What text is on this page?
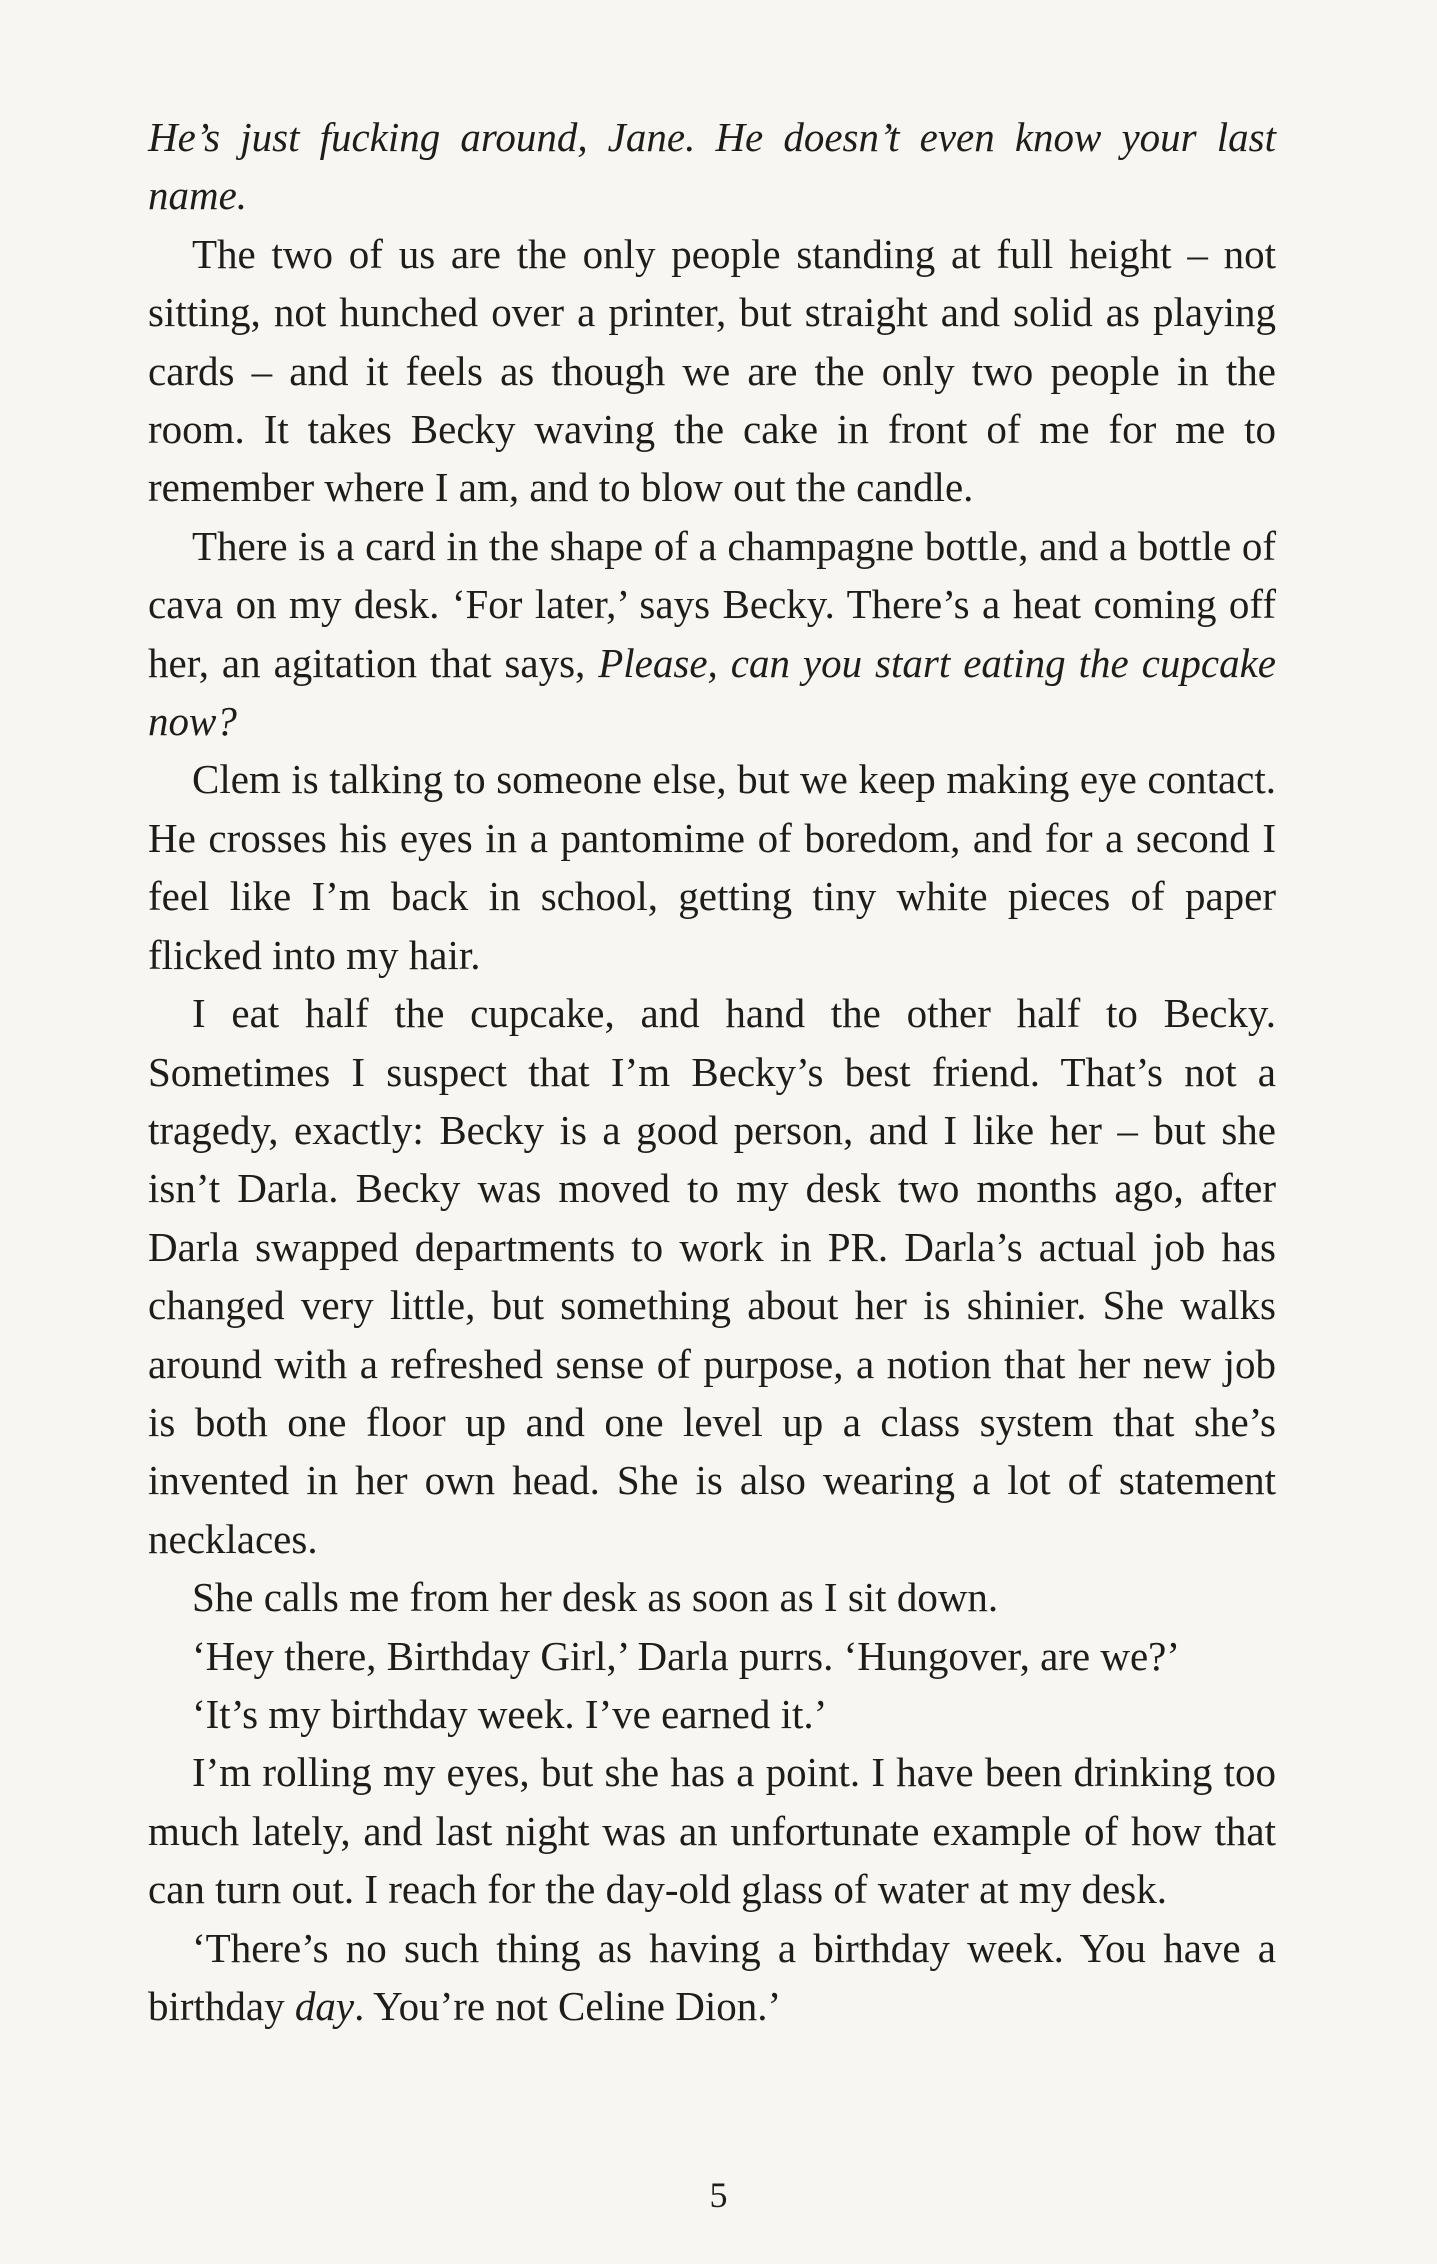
He’s just fucking around, Jane. He doesn’t even know your last name.

The two of us are the only people standing at full height – not sitting, not hunched over a printer, but straight and solid as playing cards – and it feels as though we are the only two people in the room. It takes Becky waving the cake in front of me for me to remember where I am, and to blow out the candle.

There is a card in the shape of a champagne bottle, and a bottle of cava on my desk. ‘For later,’ says Becky. There’s a heat coming off her, an agitation that says, Please, can you start eating the cupcake now?

Clem is talking to someone else, but we keep making eye contact. He crosses his eyes in a pantomime of boredom, and for a second I feel like I’m back in school, getting tiny white pieces of paper flicked into my hair.

I eat half the cupcake, and hand the other half to Becky. Sometimes I suspect that I’m Becky’s best friend. That’s not a tragedy, exactly: Becky is a good person, and I like her – but she isn’t Darla. Becky was moved to my desk two months ago, after Darla swapped departments to work in PR. Darla’s actual job has changed very little, but something about her is shinier. She walks around with a refreshed sense of purpose, a notion that her new job is both one floor up and one level up a class system that she’s invented in her own head. She is also wearing a lot of statement necklaces.

She calls me from her desk as soon as I sit down.

‘Hey there, Birthday Girl,’ Darla purrs. ‘Hungover, are we?’

‘It’s my birthday week. I’ve earned it.’

I’m rolling my eyes, but she has a point. I have been drinking too much lately, and last night was an unfortunate example of how that can turn out. I reach for the day-old glass of water at my desk.

‘There’s no such thing as having a birthday week. You have a birthday day. You’re not Celine Dion.’

5
